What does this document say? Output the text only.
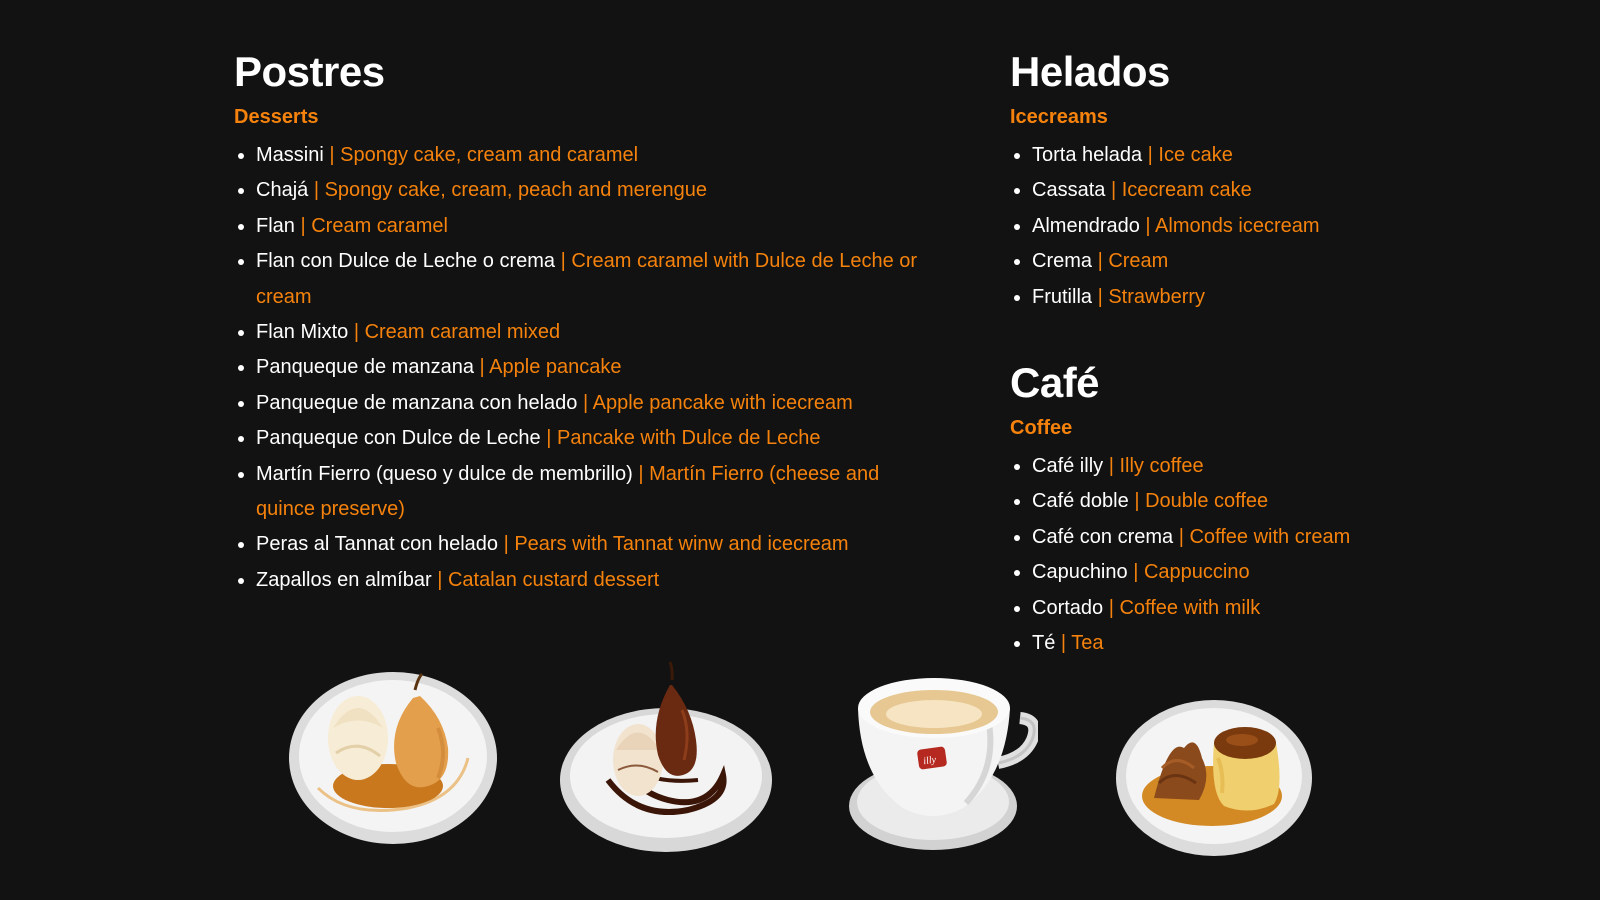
Postres
Desserts
• Massini | Spongy cake, cream and caramel
• Chajá | Spongy cake, cream, peach and merengue
• Flan | Cream caramel
• Flan con Dulce de Leche o crema | Cream caramel with Dulce de Leche or cream
• Flan Mixto | Cream caramel mixed
• Panqueque de manzana | Apple pancake
• Panqueque de manzana con helado | Apple pancake with icecream
• Panqueque con Dulce de Leche | Pancake with Dulce de Leche
• Martín Fierro (queso y dulce de membrillo) | Martín Fierro (cheese and quince preserve)
• Peras al Tannat con helado | Pears with Tannat winw and icecream
• Zapallos en almíbar | Catalan custard dessert
Helados
Icecreams
• Torta helada | Ice cake
• Cassata | Icecream cake
• Almendrado | Almonds icecream
• Crema | Cream
• Frutilla | Strawberry
Café
Coffee
• Café illy | Illy coffee
• Café doble | Double coffee
• Café con crema | Coffee with cream
• Capuchino | Cappuccino
• Cortado | Coffee with milk
• Té | Tea
illy
